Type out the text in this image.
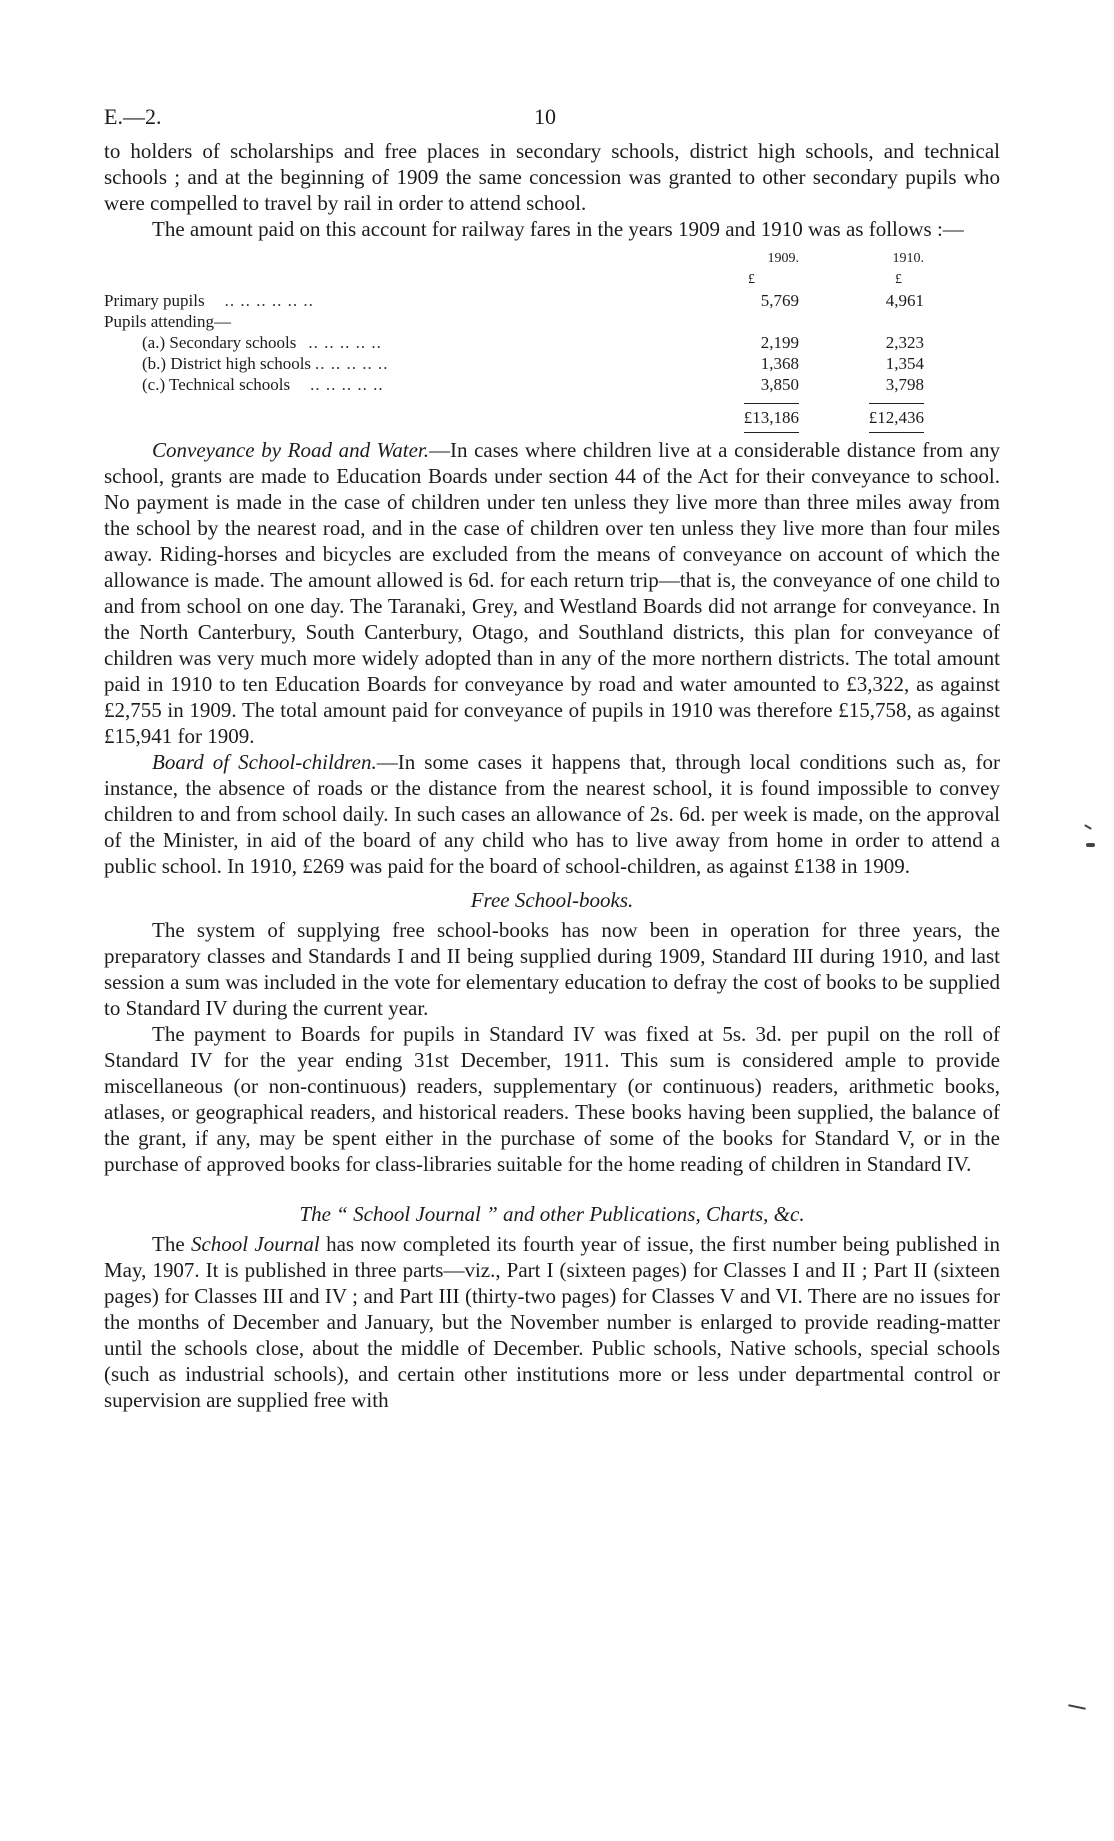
E.—2.	10

to holders of scholarships and free places in secondary schools, district high schools, and technical schools ; and at the beginning of 1909 the same concession was granted to other secondary pupils who were compelled to travel by rail in order to attend school.

The amount paid on this account for railway fares in the years 1909 and 1910 was as follows :—

1909.	1910.
£	£
Primary pupils .. .. .. .. .. ..	5,769	4,961
Pupils attending—
(a.) Secondary schools .. .. .. .. ..	2,199	2,323
(b.) District high schools .. .. .. .. ..	1,368	1,354
(c.) Technical schools .. .. .. .. ..	3,850	3,798
£13,186	£12,436

Conveyance by Road and Water.—In cases where children live at a considerable distance from any school, grants are made to Education Boards under section 44 of the Act for their conveyance to school. No payment is made in the case of children under ten unless they live more than three miles away from the school by the nearest road, and in the case of children over ten unless they live more than four miles away. Riding-horses and bicycles are excluded from the means of conveyance on account of which the allowance is made. The amount allowed is 6d. for each return trip—that is, the conveyance of one child to and from school on one day. The Taranaki, Grey, and Westland Boards did not arrange for conveyance. In the North Canterbury, South Canterbury, Otago, and Southland districts, this plan for conveyance of children was very much more widely adopted than in any of the more northern districts. The total amount paid in 1910 to ten Education Boards for conveyance by road and water amounted to £3,322, as against £2,755 in 1909. The total amount paid for conveyance of pupils in 1910 was therefore £15,758, as against £15,941 for 1909.

Board of School-children.—In some cases it happens that, through local conditions such as, for instance, the absence of roads or the distance from the nearest school, it is found impossible to convey children to and from school daily. In such cases an allowance of 2s. 6d. per week is made, on the approval of the Minister, in aid of the board of any child who has to live away from home in order to attend a public school. In 1910, £269 was paid for the board of school-children, as against £138 in 1909.

Free School-books.

The system of supplying free school-books has now been in operation for three years, the preparatory classes and Standards I and II being supplied during 1909, Standard III during 1910, and last session a sum was included in the vote for elementary education to defray the cost of books to be supplied to Standard IV during the current year.

The payment to Boards for pupils in Standard IV was fixed at 5s. 3d. per pupil on the roll of Standard IV for the year ending 31st December, 1911. This sum is considered ample to provide miscellaneous (or non-continuous) readers, supplementary (or continuous) readers, arithmetic books, atlases, or geographical readers, and historical readers. These books having been supplied, the balance of the grant, if any, may be spent either in the purchase of some of the books for Standard V, or in the purchase of approved books for class-libraries suitable for the home reading of children in Standard IV.

The “ School Journal ” and other Publications, Charts, &c.

The School Journal has now completed its fourth year of issue, the first number being published in May, 1907. It is published in three parts—viz., Part I (sixteen pages) for Classes I and II ; Part II (sixteen pages) for Classes III and IV ; and Part III (thirty-two pages) for Classes V and VI. There are no issues for the months of December and January, but the November number is enlarged to provide reading-matter until the schools close, about the middle of December. Public schools, Native schools, special schools (such as industrial schools), and certain other institutions more or less under departmental control or supervision are supplied free with
